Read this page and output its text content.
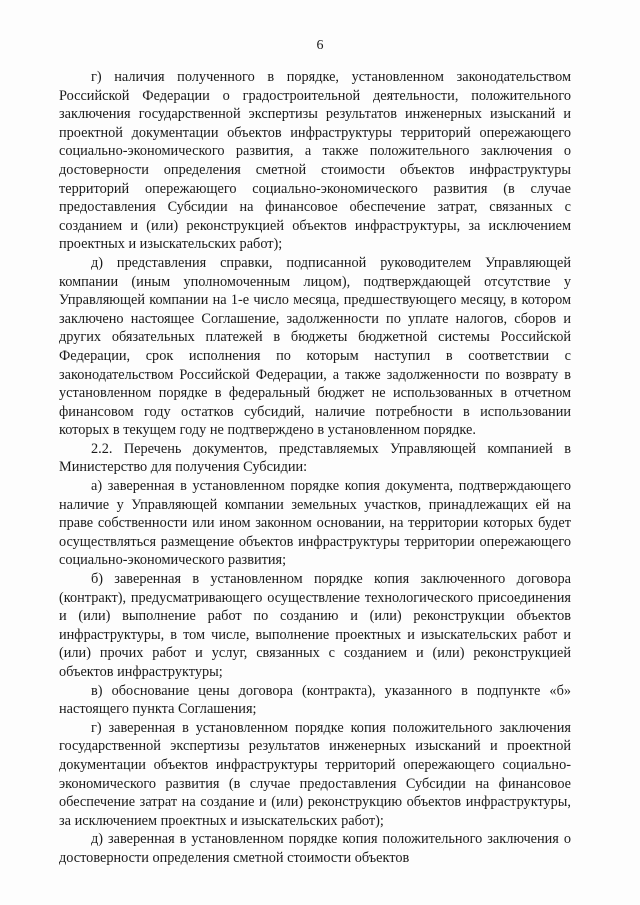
6

г) наличия полученного в порядке, установленном законодательством Российской Федерации о градостроительной деятельности, положительного заключения государственной экспертизы результатов инженерных изысканий и проектной документации объектов инфраструктуры территорий опережающего социально-экономического развития, а также положительного заключения о достоверности определения сметной стоимости объектов инфраструктуры территорий опережающего социально-экономического развития (в случае предоставления Субсидии на финансовое обеспечение затрат, связанных с созданием и (или) реконструкцией объектов инфраструктуры, за исключением проектных и изыскательских работ);

д) представления справки, подписанной руководителем Управляющей компании (иным уполномоченным лицом), подтверждающей отсутствие у Управляющей компании на 1-е число месяца, предшествующего месяцу, в котором заключено настоящее Соглашение, задолженности по уплате налогов, сборов и других обязательных платежей в бюджеты бюджетной системы Российской Федерации, срок исполнения по которым наступил в соответствии с законодательством Российской Федерации, а также задолженности по возврату в установленном порядке в федеральный бюджет не использованных в отчетном финансовом году остатков субсидий, наличие потребности в использовании которых в текущем году не подтверждено в установленном порядке.

2.2. Перечень документов, представляемых Управляющей компанией в Министерство для получения Субсидии:

а) заверенная в установленном порядке копия документа, подтверждающего наличие у Управляющей компании земельных участков, принадлежащих ей на праве собственности или ином законном основании, на территории которых будет осуществляться размещение объектов инфраструктуры территории опережающего социально-экономического развития;

б) заверенная в установленном порядке копия заключенного договора (контракт), предусматривающего осуществление технологического присоединения и (или) выполнение работ по созданию и (или) реконструкции объектов инфраструктуры, в том числе, выполнение проектных и изыскательских работ и (или) прочих работ и услуг, связанных с созданием и (или) реконструкцией объектов инфраструктуры;

в) обоснование цены договора (контракта), указанного в подпункте «б» настоящего пункта Соглашения;

г) заверенная в установленном порядке копия положительного заключения государственной экспертизы результатов инженерных изысканий и проектной документации объектов инфраструктуры территорий опережающего социально-экономического развития (в случае предоставления Субсидии на финансовое обеспечение затрат на создание и (или) реконструкцию объектов инфраструктуры, за исключением проектных и изыскательских работ);

д) заверенная в установленном порядке копия положительного заключения о достоверности определения сметной стоимости объектов
